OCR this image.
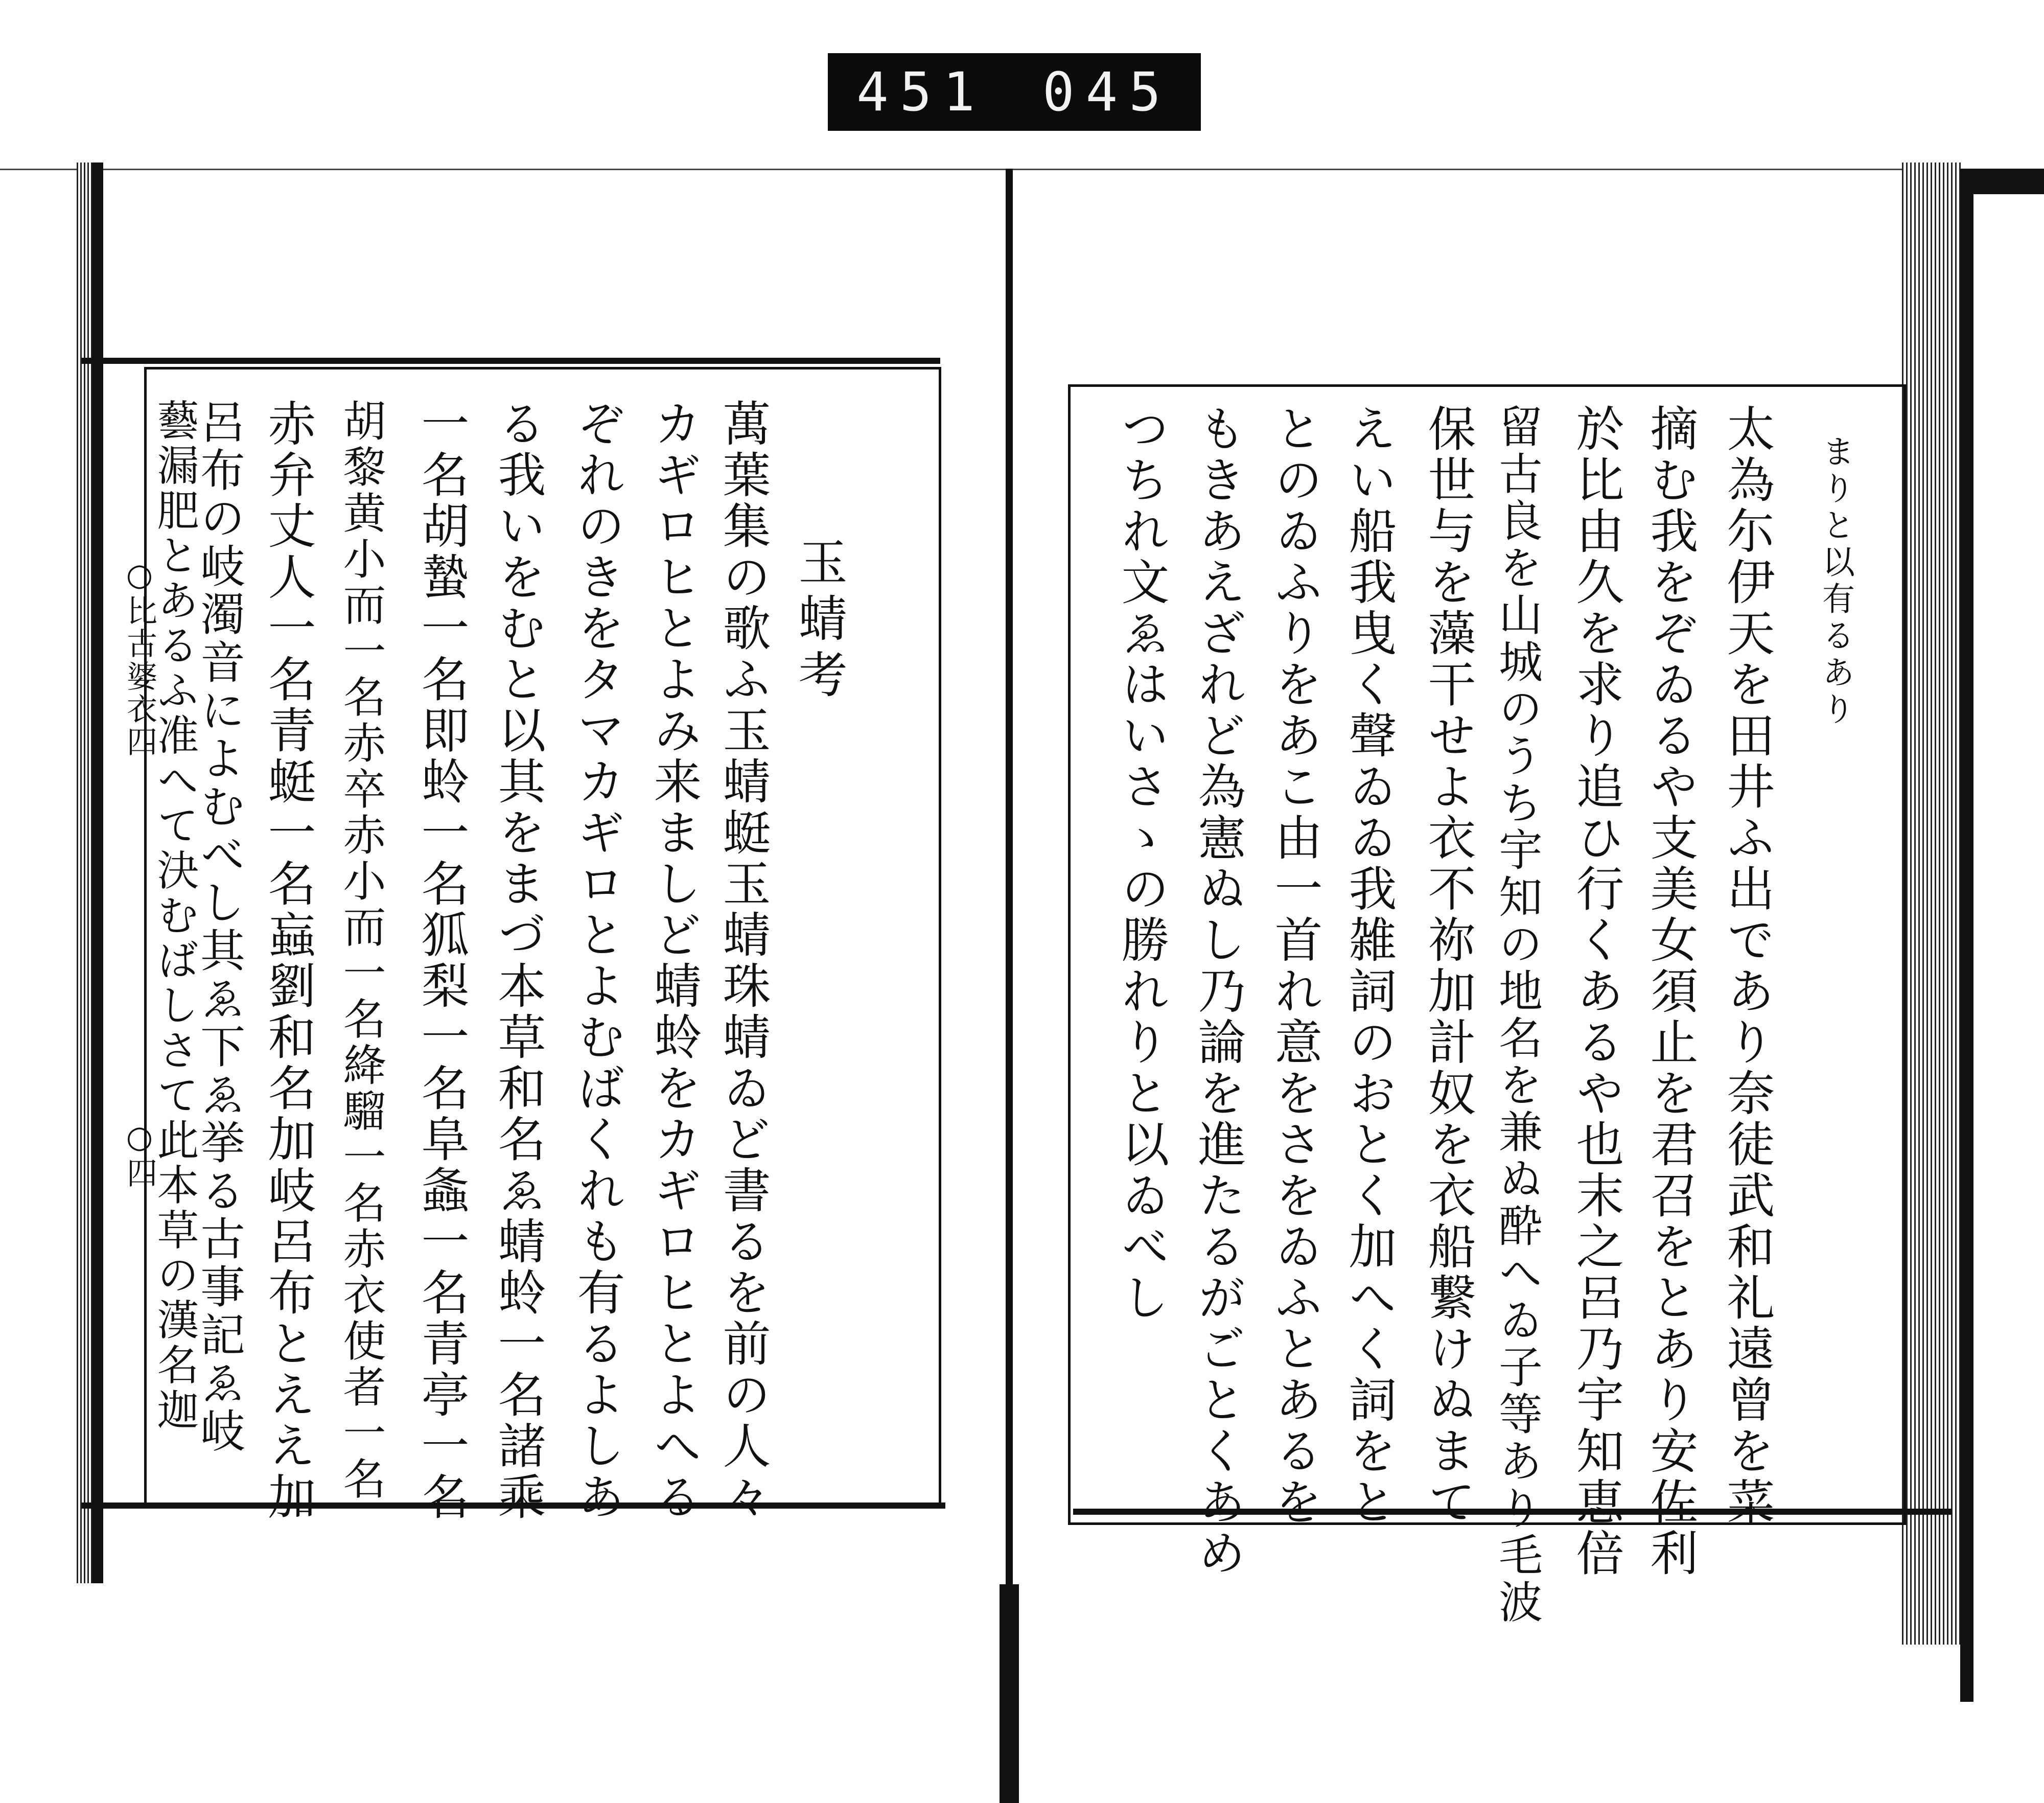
451 045
○比古婆衣四
○四
玉蜻考
萬葉集の歌ふ玉蜻蜓玉蜻珠蜻ゐど書るを前の人々
カギロヒとよみ来ましど蜻蛉をカギロヒとよへる
ぞれのきをタマカギロとよむばくれも有るよしあ
る我いをむと以其をまづ本草和名ゑ蜻蛉一名諸乘
一名胡蟄一名即蛉一名狐梨一名阜螽一名青亭一名
胡黎黄小而一名赤卒赤小而一名絳騮一名赤衣使者一名
赤弁丈人一名青蜓一名蝱劉和名加岐呂布とええ加
呂布の岐濁音によむべし其ゑ下ゑ挙る古事記ゑ岐
藝漏肥とあるふ准へて決むばしさて此本草の漢名迦	まりと以有るあり
太為尓伊天を田井ふ出であり奈徒武和礼遠曾を菜
摘む我をぞゐるや支美女須止を君召をとあり安佐利
於比由久を求り追ひ行くあるや也末之呂乃宇知恵倍
留古良を山城のうち宇知の地名を兼ぬ酔へゐ子等あり毛波
保世与を藻干せよ衣不祢加計奴を衣船繋けぬまて
えい船我曳く聲ゐゐ我雑詞のおとく加へく詞をと
とのゐふりをあこ由一首れ意をさをゐふとあるを
もきあえざれど為憲ぬし乃論を進たるがごとくあめ
つちれ文ゑはいさゝの勝れりと以ゐべし
